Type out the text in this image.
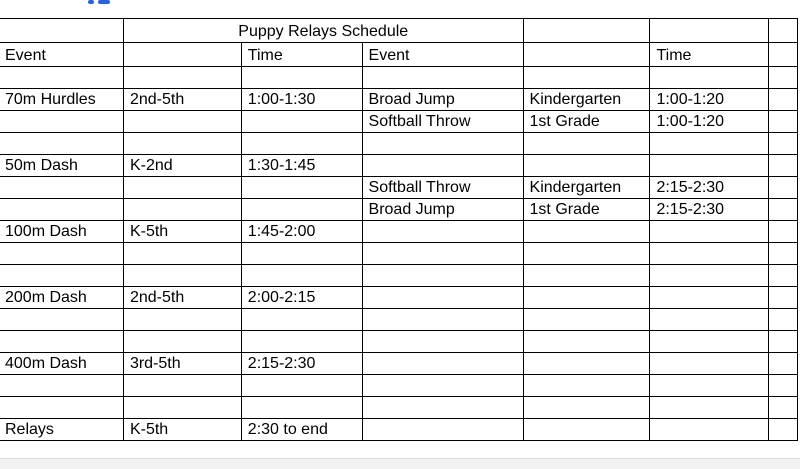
	Puppy Relays Schedule					
Event		Time	Event		Time	

70m Hurdles	2nd-5th	1:00-1:30	Broad Jump	Kindergarten	1:00-1:20	
			Softball Throw	1st Grade	1:00-1:20	

50m Dash	K-2nd	1:30-1:45				
			Softball Throw	Kindergarten	2:15-2:30	
			Broad Jump	1st Grade	2:15-2:30	
100m Dash	K-5th	1:45-2:00				

200m Dash	2nd-5th	2:00-2:15				

400m Dash	3rd-5th	2:15-2:30				

Relays	K-5th	2:30 to end				
